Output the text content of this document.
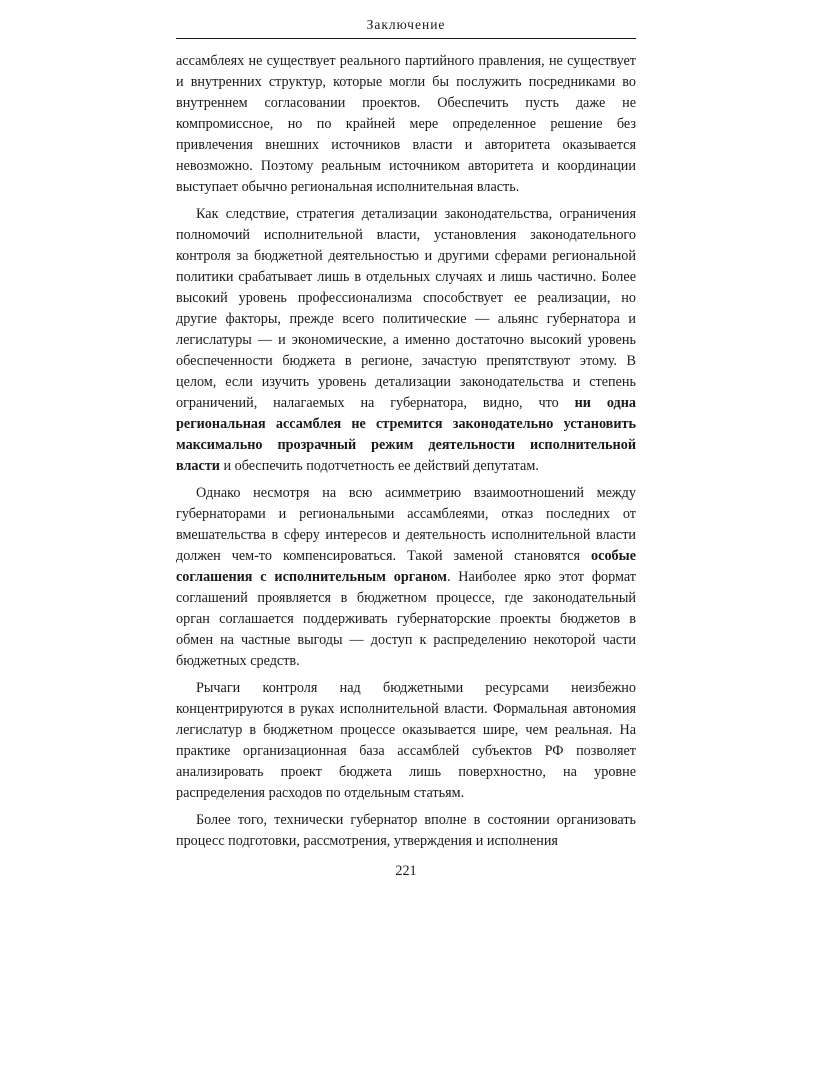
Заключение

ассамблеях не существует реального партийного правления, не существует и внутренних структур, которые могли бы послужить посредниками во внутреннем согласовании проектов. Обеспечить пусть даже не компромиссное, но по крайней мере определенное решение без привлечения внешних источников власти и авторитета оказывается невозможно. Поэтому реальным источником авторитета и координации выступает обычно региональная исполнительная власть.

Как следствие, стратегия детализации законодательства, ограничения полномочий исполнительной власти, установления законодательного контроля за бюджетной деятельностью и другими сферами региональной политики срабатывает лишь в отдельных случаях и лишь частично. Более высокий уровень профессионализма способствует ее реализации, но другие факторы, прежде всего политические — альянс губернатора и легислатуры — и экономические, а именно достаточно высокий уровень обеспеченности бюджета в регионе, зачастую препятствуют этому. В целом, если изучить уровень детализации законодательства и степень ограничений, налагаемых на губернатора, видно, что ни одна региональная ассамблея не стремится законодательно установить максимально прозрачный режим деятельности исполнительной власти и обеспечить подотчетность ее действий депутатам.

Однако несмотря на всю асимметрию взаимоотношений между губернаторами и региональными ассамблеями, отказ последних от вмешательства в сферу интересов и деятельность исполнительной власти должен чем-то компенсироваться. Такой заменой становятся особые соглашения с исполнительным органом. Наиболее ярко этот формат соглашений проявляется в бюджетном процессе, где законодательный орган соглашается поддерживать губернаторские проекты бюджетов в обмен на частные выгоды — доступ к распределению некоторой части бюджетных средств.

Рычаги контроля над бюджетными ресурсами неизбежно концентрируются в руках исполнительной власти. Формальная автономия легислатур в бюджетном процессе оказывается шире, чем реальная. На практике организационная база ассамблей субъектов РФ позволяет анализировать проект бюджета лишь поверхностно, на уровне распределения расходов по отдельным статьям.

Более того, технически губернатор вполне в состоянии организовать процесс подготовки, рассмотрения, утверждения и исполнения

221
